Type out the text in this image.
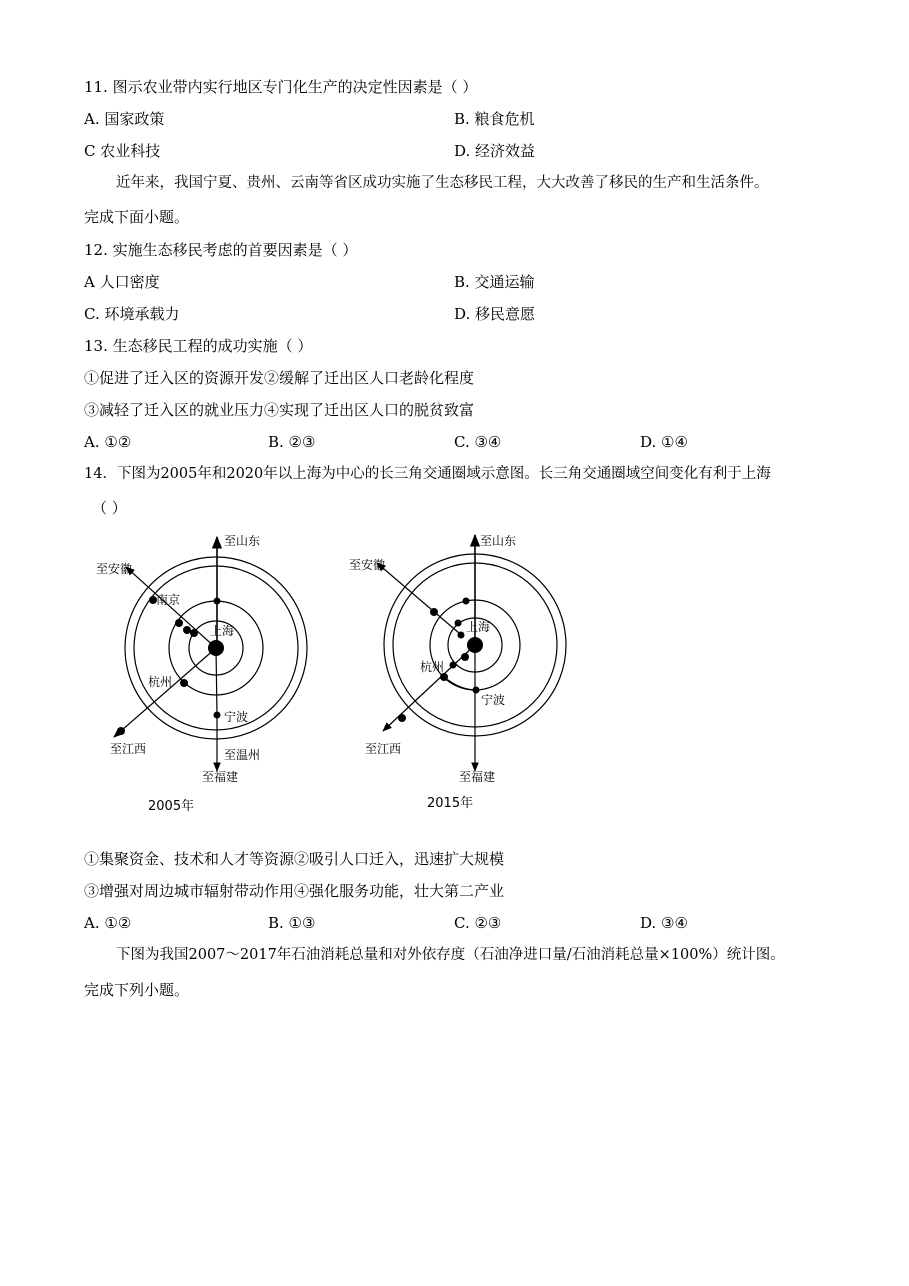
11. 图示农业带内实行地区专门化生产的决定性因素是（ ）
A. 国家政策	B. 粮食危机
C 农业科技	D. 经济效益
近年来，我国宁夏、贵州、云南等省区成功实施了生态移民工程，大大改善了移民的生产和生活条件。
完成下面小题。
12. 实施生态移民考虑的首要因素是（ ）
A 人口密度	B. 交通运输
C. 环境承载力	D. 移民意愿
13. 生态移民工程的成功实施（ ）
①促进了迁入区的资源开发②缓解了迁出区人口老龄化程度
③减轻了迁入区的就业压力④实现了迁出区人口的脱贫致富
A. ①②	B. ②③	C. ③④	D. ①④
14．下图为2005年和2020年以上海为中心的长三角交通圈域示意图。长三角交通圈域空间变化有利于上海
（ ）
至山东
至安徽
南京
上海
杭州
宁波
至江西	至温州
至福建
2005年
至山东
至安徽
上海
杭州
宁波
至江西
至福建
2015年
①集聚资金、技术和人才等资源②吸引人口迁入，迅速扩大规模
③增强对周边城市辐射带动作用④强化服务功能，壮大第二产业
A. ①②	B. ①③	C. ②③	D. ③④
下图为我国2007～2017年石油消耗总量和对外依存度（石油净进口量/石油消耗总量×100%）统计图。
完成下列小题。
